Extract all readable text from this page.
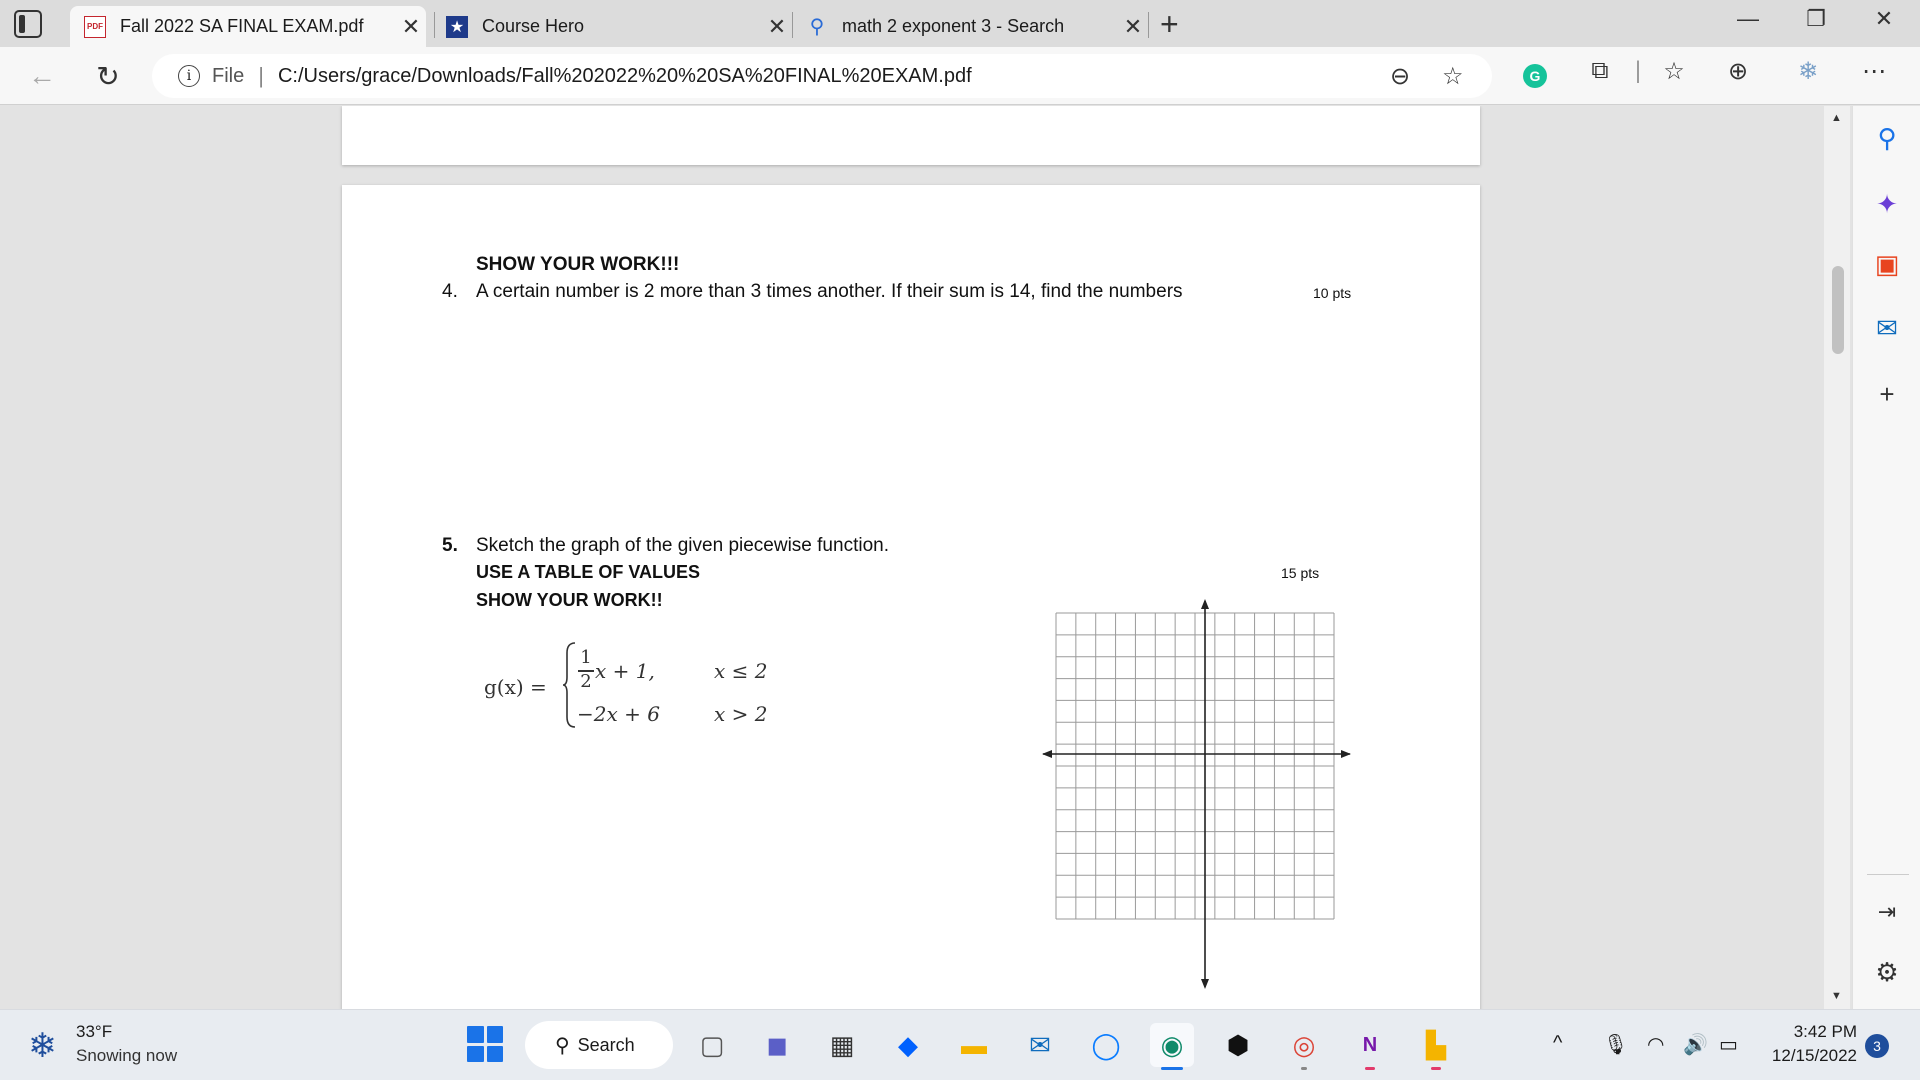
PDF Fall 2022 SA FINAL EXAM.pdf	✕	★ Course Hero	✕ ⚲ math 2 exponent 3 - Search	✕ +	—	❐	✕
← ↻	i	File | C:/Users/grace/Downloads/Fall%202022%20%20SA%20FINAL%20EXAM.pdf	⊖ ☆	G	⧉	| ☆	⊕	❄	⋯
SHOW YOUR WORK!!!
4. A certain number is 2 more than 3 times another. If their sum is 14, find the numbers	10 pts
5. Sketch the graph of the given piecewise function.
USE A TABLE OF VALUES
SHOW YOUR WORK!!
15 pts
g(x) =
1
2 x + 1,	x ≤ 2
−2x + 6	x > 2
▲
▼
⚲
✦
▣
✉
+
⇥
⚙
❄ 33°F
Snowing now	⚲ Search	▢	◼	▦	◆	▬	✉	◯	◉	⬢	◎	N	▙	^ 🎙 ◠ 🔊 ▭
3:42 PM
12/15/2022	3
